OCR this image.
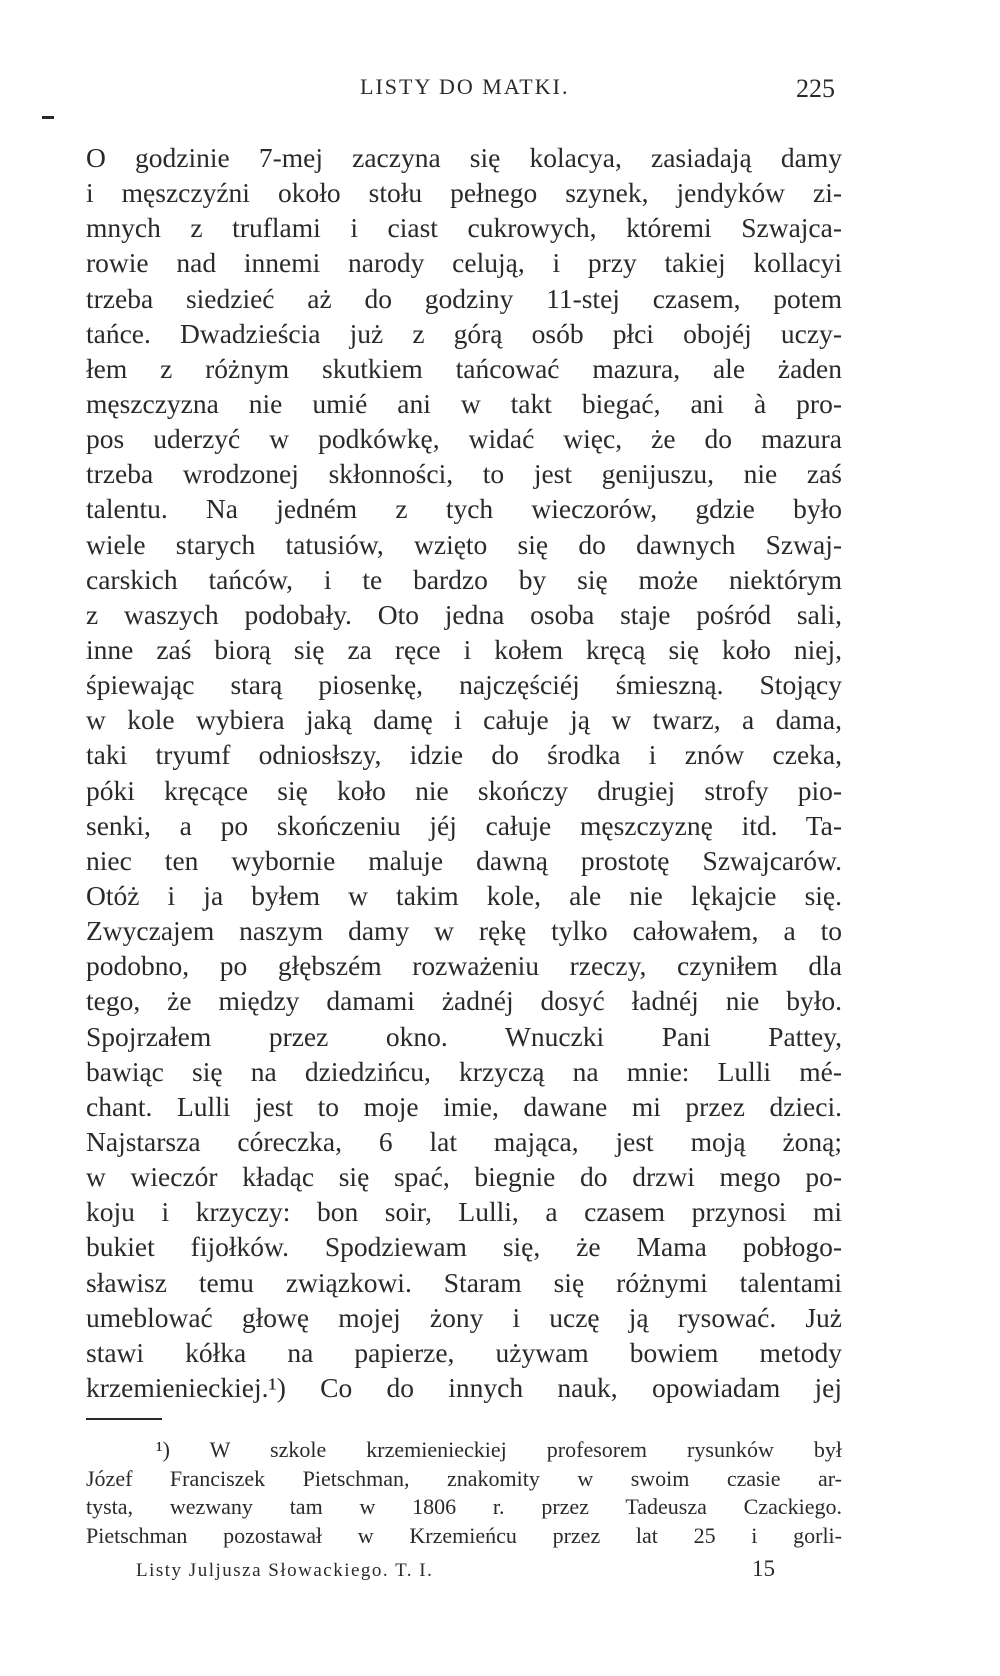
LISTY DO MATKI.	225
O godzinie 7-mej zaczyna się kolacya, zasiadają damy
i męszczyźni około stołu pełnego szynek, jendyków zi-
mnych z truflami i ciast cukrowych, któremi Szwajca-
rowie nad innemi narody celują, i przy takiej kollacyi
trzeba siedzieć aż do godziny 11-stej czasem, potem
tańce. Dwadzieścia już z górą osób płci obojéj uczy-
łem z różnym skutkiem tańcować mazura, ale żaden
męszczyzna nie umié ani w takt biegać, ani à pro-
pos uderzyć w podkówkę, widać więc, że do mazura
trzeba wrodzonej skłonności, to jest genijuszu, nie zaś
talentu. Na jedném z tych wieczorów, gdzie było
wiele starych tatusiów, wzięto się do dawnych Szwaj-
carskich tańców, i te bardzo by się może niektórym
z waszych podobały. Oto jedna osoba staje pośród sali,
inne zaś biorą się za ręce i kołem kręcą się koło niej,
śpiewając starą piosenkę, najczęściéj śmieszną. Stojący
w kole wybiera jaką damę i całuje ją w twarz, a dama,
taki tryumf odniosłszy, idzie do środka i znów czeka,
póki kręcące się koło nie skończy drugiej strofy pio-
senki, a po skończeniu jéj całuje męszczyznę itd. Ta-
niec ten wybornie maluje dawną prostotę Szwajcarów.
Otóż i ja byłem w takim kole, ale nie lękajcie się.
Zwyczajem naszym damy w rękę tylko całowałem, a to
podobno, po głębszém rozważeniu rzeczy, czyniłem dla
tego, że między damami żadnéj dosyć ładnéj nie było.
Spojrzałem przez okno. Wnuczki Pani Pattey,
bawiąc się na dziedzińcu, krzyczą na mnie: Lulli mé-
chant. Lulli jest to moje imie, dawane mi przez dzieci.
Najstarsza córeczka, 6 lat mająca, jest moją żoną;
w wieczór kładąc się spać, biegnie do drzwi mego po-
koju i krzyczy: bon soir, Lulli, a czasem przynosi mi
bukiet fijołków. Spodziewam się, że Mama pobłogo-
sławisz temu związkowi. Staram się różnymi talentami
umeblować głowę mojej żony i uczę ją rysować. Już
stawi kółka na papierze, używam bowiem metody
krzemienieckiej.¹) Co do innych nauk, opowiadam jej
¹) W szkole krzemienieckiej profesorem rysunków był
Józef Franciszek Pietschman, znakomity w swoim czasie ar-
tysta, wezwany tam w 1806 r. przez Tadeusza Czackiego.
Pietschman pozostawał w Krzemieńcu przez lat 25 i gorli-
Listy Juljusza Słowackiego. T. I.	15
